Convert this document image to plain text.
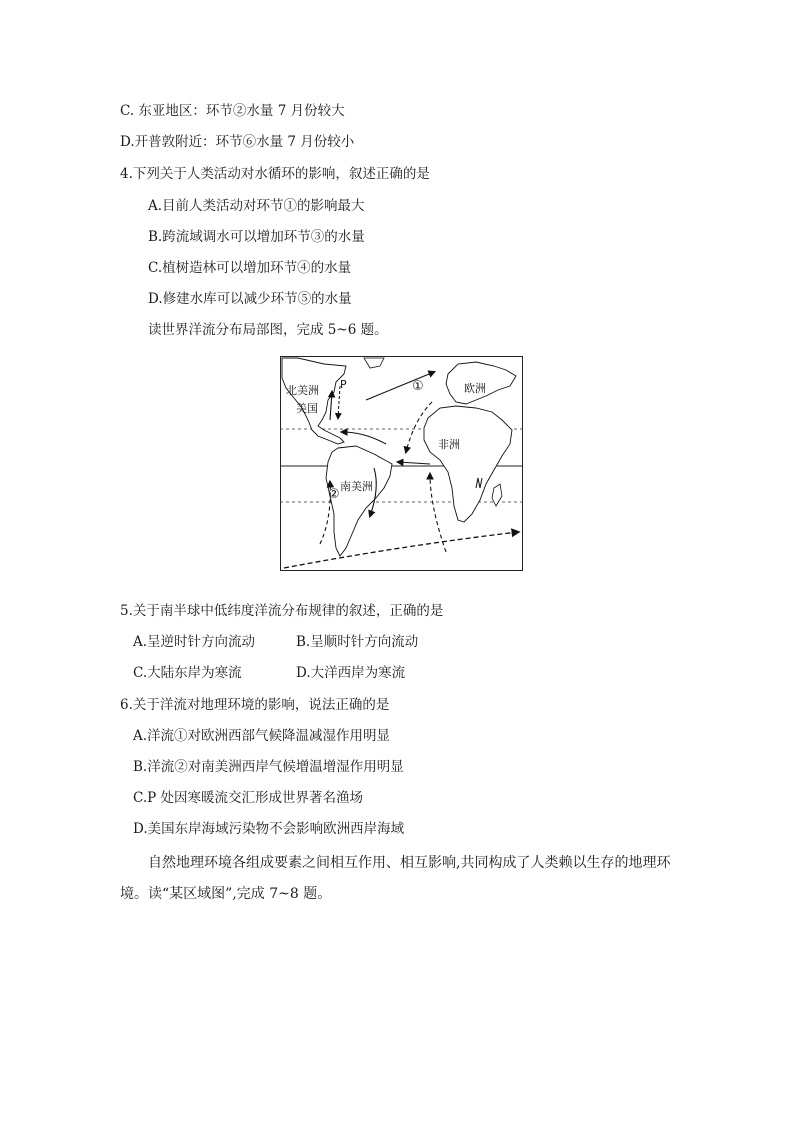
C. 东亚地区：环节②水量 7 月份较大
D.开普敦附近：环节⑥水量 7 月份较小
4.下列关于人类活动对水循环的影响，叙述正确的是
A.目前人类活动对环节①的影响最大
B.跨流域调水可以增加环节③的水量
C.植树造林可以增加环节④的水量
D.修建水库可以减少环节⑤的水量
读世界洋流分布局部图，完成 5~6 题。
北美洲
美国
P	①	欧洲
非洲
南美洲
②
5.关于南半球中低纬度洋流分布规律的叙述，正确的是
A.呈逆时针方向流动	B.呈顺时针方向流动
C.大陆东岸为寒流	D.大洋西岸为寒流
6.关于洋流对地理环境的影响，说法正确的是
A.洋流①对欧洲西部气候降温减湿作用明显
B.洋流②对南美洲西岸气候增温增湿作用明显
C.P 处因寒暖流交汇形成世界著名渔场
D.美国东岸海域污染物不会影响欧洲西岸海域
自然地理环境各组成要素之间相互作用、相互影响,共同构成了人类赖以生存的地理环境。读“某区域图”,完成 7~8 题。
